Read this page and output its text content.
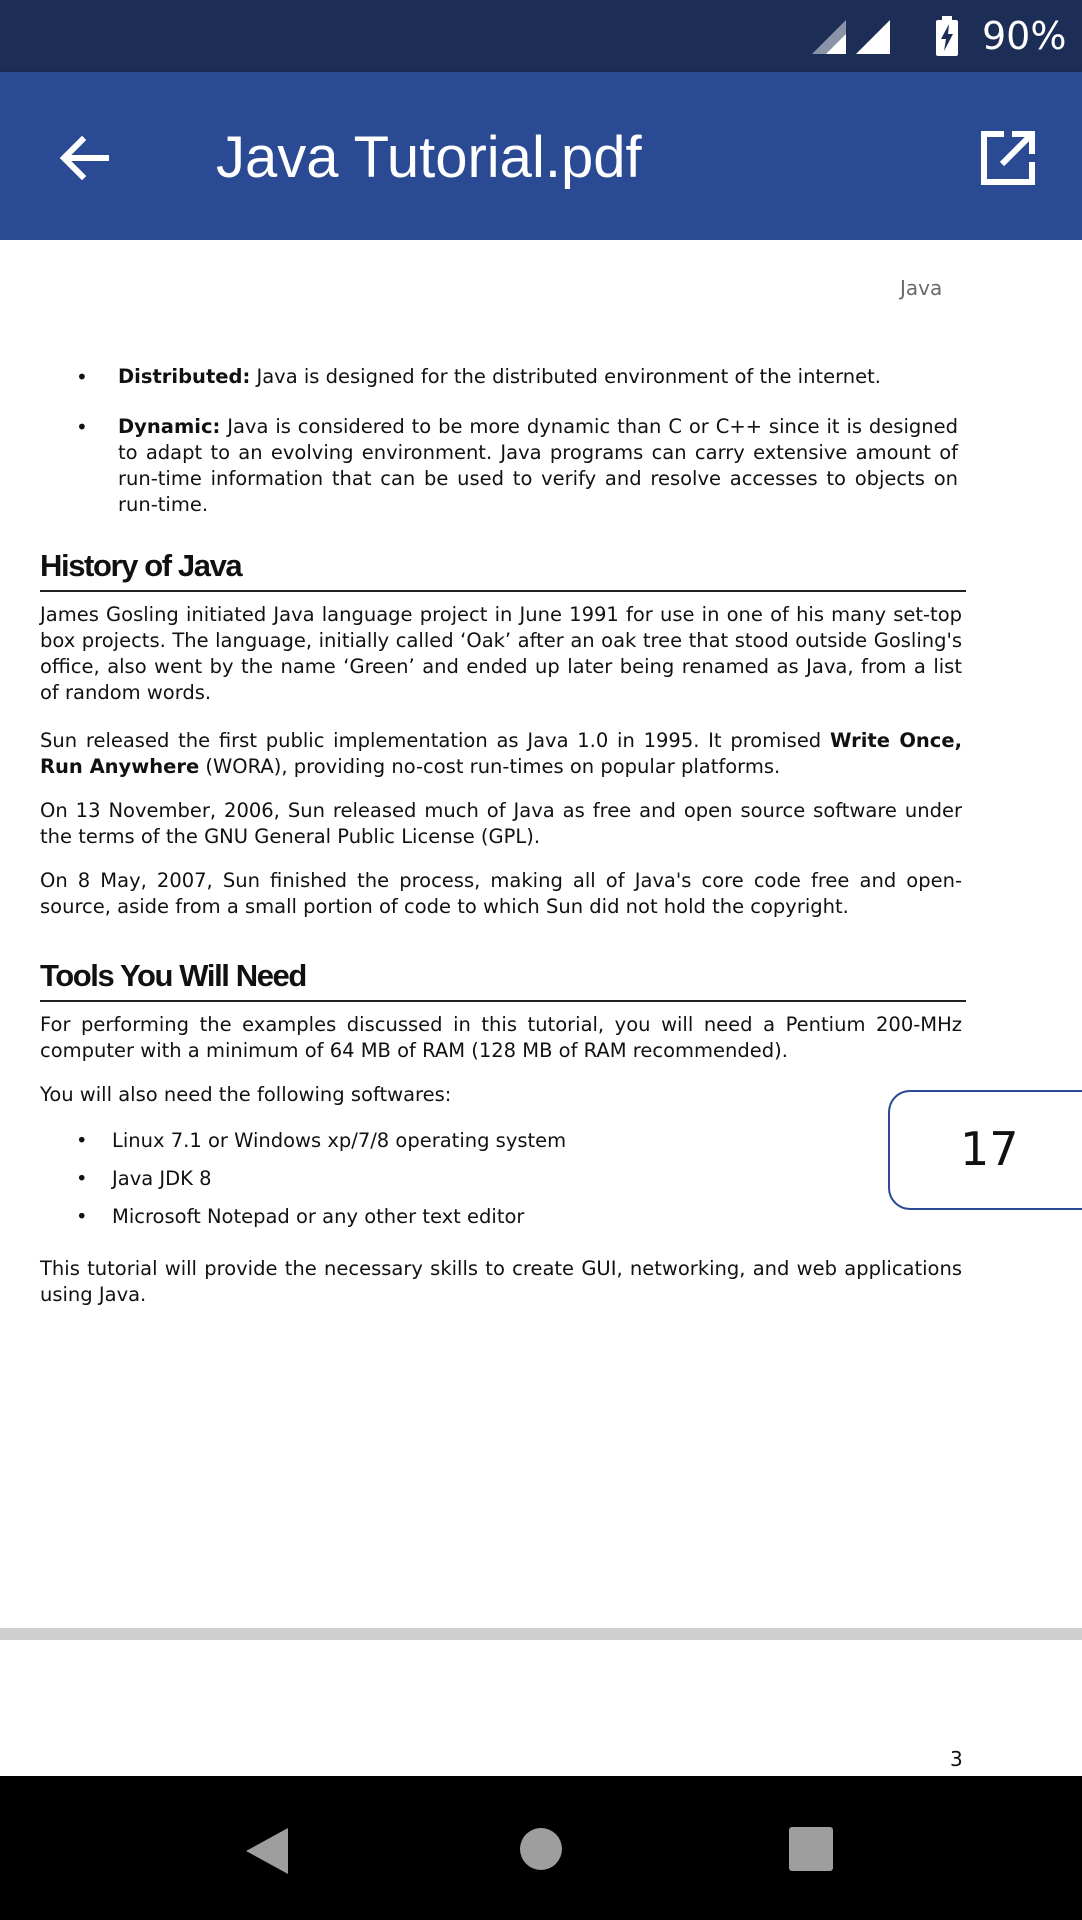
90%
Java Tutorial.pdf
Java
• Distributed: Java is designed for the distributed environment of the internet.
• Dynamic: Java is considered to be more dynamic than C or C++ since it is designed to adapt to an evolving environment. Java programs can carry extensive amount of run-time information that can be used to verify and resolve accesses to objects on run-time.
History of Java
James Gosling initiated Java language project in June 1991 for use in one of his many set-top box projects. The language, initially called ‘Oak’ after an oak tree that stood outside Gosling's office, also went by the name ‘Green’ and ended up later being renamed as Java, from a list of random words.
Sun released the first public implementation as Java 1.0 in 1995. It promised Write Once, Run Anywhere (WORA), providing no-cost run-times on popular platforms.
On 13 November, 2006, Sun released much of Java as free and open source software under the terms of the GNU General Public License (GPL).
On 8 May, 2007, Sun finished the process, making all of Java's core code free and open-source, aside from a small portion of code to which Sun did not hold the copyright.
Tools You Will Need
For performing the examples discussed in this tutorial, you will need a Pentium 200-MHz computer with a minimum of 64 MB of RAM (128 MB of RAM recommended).
You will also need the following softwares:
• Linux 7.1 or Windows xp/7/8 operating system
• Java JDK 8
• Microsoft Notepad or any other text editor
This tutorial will provide the necessary skills to create GUI, networking, and web applications using Java.
17
3
